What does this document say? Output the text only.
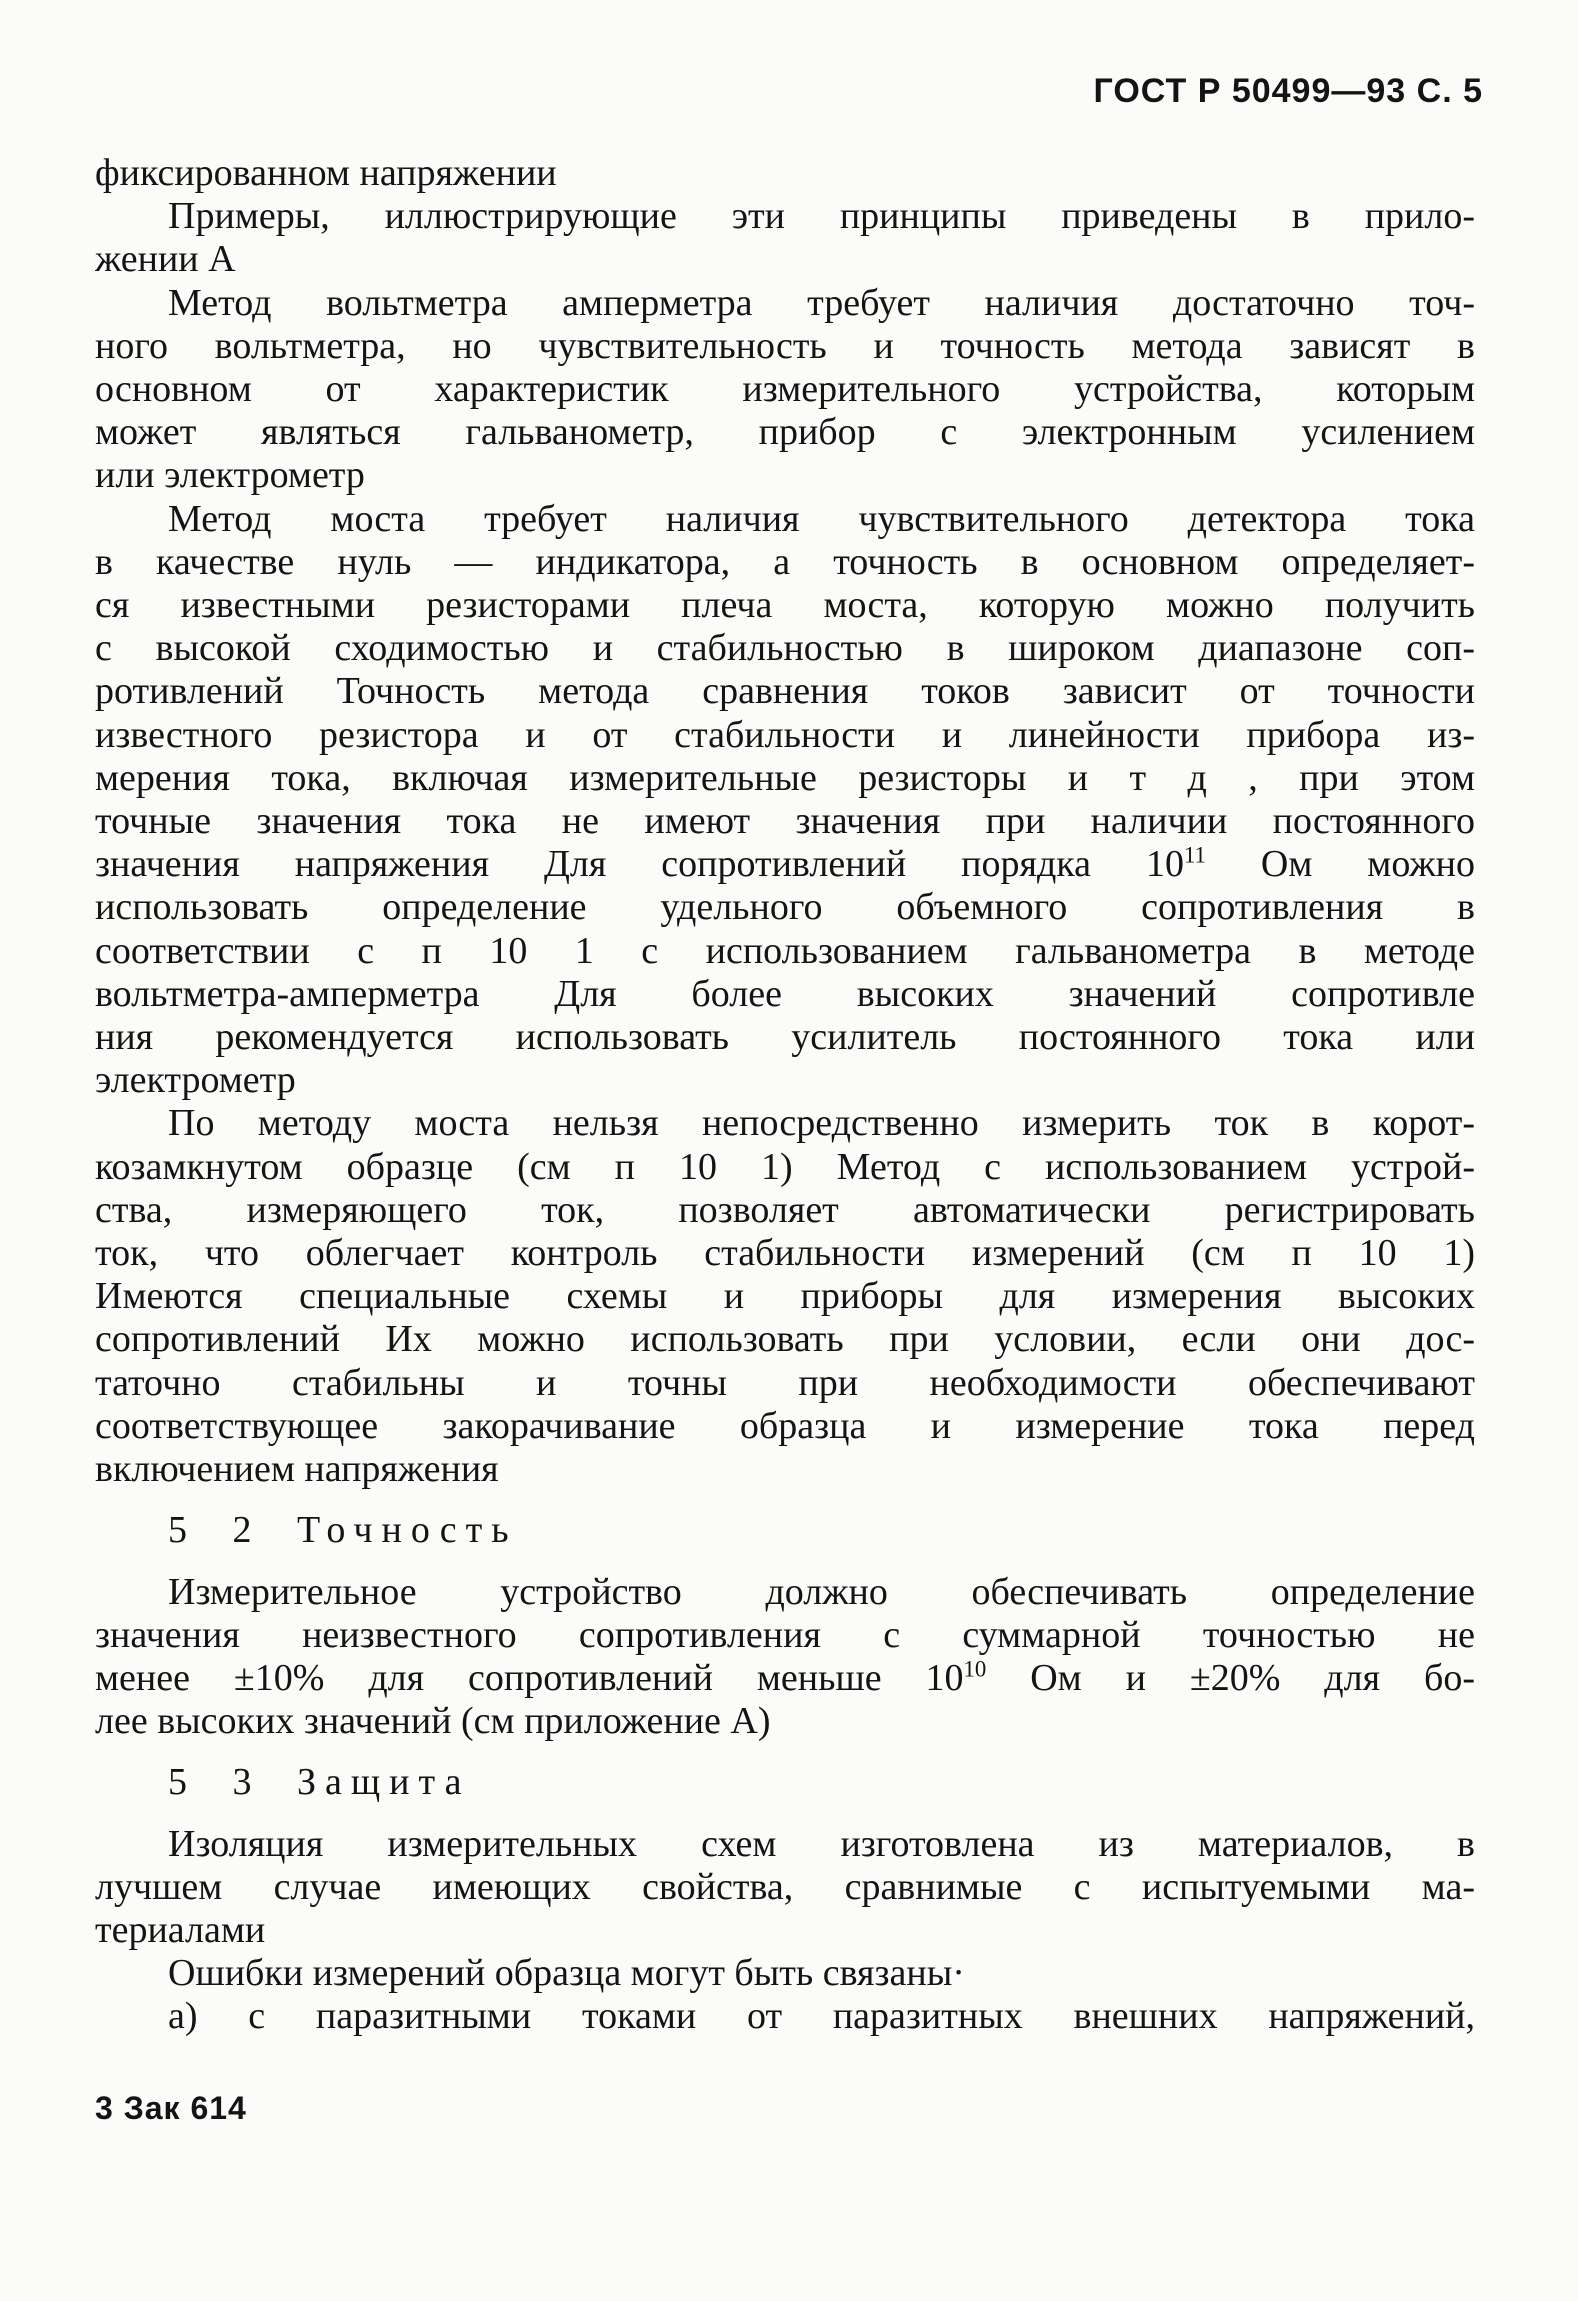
ГОСТ Р 50499—93 С. 5
фиксированном напряжении
Примеры, иллюстрирующие эти принципы приведены в прило-
жении А
Метод вольтметра амперметра требует наличия достаточно точ-
ного вольтметра, но чувствительность и точность метода зависят в
основном от характеристик измерительного устройства, которым
может являться гальванометр, прибор с электронным усилением
или электрометр
Метод моста требует наличия чувствительного детектора тока
в качестве нуль — индикатора, а точность в основном определяет-
ся известными резисторами плеча моста, которую можно получить
с высокой сходимостью и стабильностью в широком диапазоне соп-
ротивлений Точность метода сравнения токов зависит от точности
известного резистора и от стабильности и линейности прибора из-
мерения тока, включая измерительные резисторы и т д , при этом
точные значения тока не имеют значения при наличии постоянного
значения напряжения Для сопротивлений порядка $10^{11}$ Ом можно
использовать определение удельного объемного сопротивления в
соответствии с п 10 1 с использованием гальванометра в методе
вольтметра-амперметра Для более высоких значений сопротивле
ния рекомендуется использовать усилитель постоянного тока или
электрометр
По методу моста нельзя непосредственно измерить ток в корот-
козамкнутом образце (см п 10 1) Метод с использованием устрой-
ства, измеряющего ток, позволяет автоматически регистрировать
ток, что облегчает контроль стабильности измерений (см п 10 1)
Имеются специальные схемы и приборы для измерения высоких
сопротивлений Их можно использовать при условии, если они дос-
таточно стабильны и точны при необходимости обеспечивают
соответствующее закорачивание образца и измерение тока перед
включением напряжения
5 2 Точность
Измерительное устройство должно обеспечивать определение
значения неизвестного сопротивления с суммарной точностью не
менее ±10% для сопротивлений меньше $10^{10}$ Ом и ±20% для бо-
лее высоких значений (см приложение А)
5 3 Защита
Изоляция измерительных схем изготовлена из материалов, в
лучшем случае имеющих свойства, сравнимые с испытуемыми ма-
териалами
Ошибки измерений образца могут быть связаны·
а) с паразитными токами от паразитных внешних напряжений,
3 Зак 614
